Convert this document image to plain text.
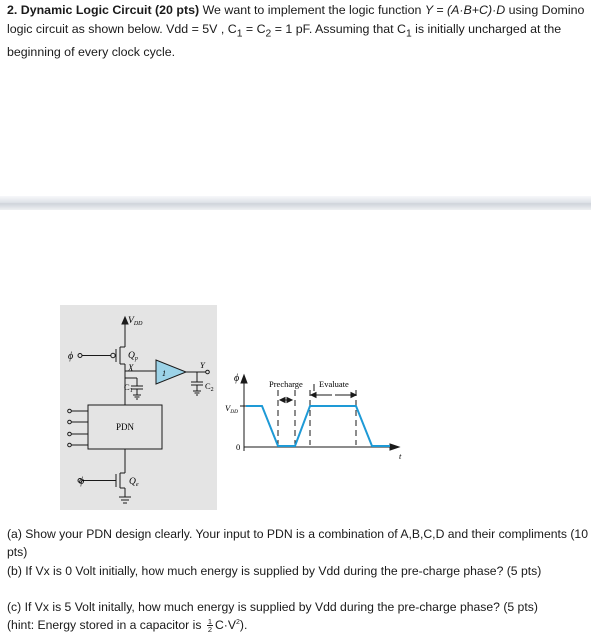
2. Dynamic Logic Circuit (20 pts) We want to implement the logic function Y = (A·B+C)·D using Domino logic circuit as shown below. Vdd = 5V , $C_1 = C_2 = 1$ pF. Assuming that $C_1$ is initially uncharged at the beginning of every clock cycle.
$V_{DD}$
$Q_p$
ϕ
X
$C_1$
1
Y
$C_2$
PDN
ϕ	$Q_e$
ϕ	Precharge Evaluate
$V_{DD}$
0
t
(a) Show your PDN design clearly. Your input to PDN is a combination of A,B,C,D and their compliments (10 pts)
(b) If Vx is 0 Volt initially, how much energy is supplied by Vdd during the pre-charge phase? (5 pts)
(c) If Vx is 5 Volt initally, how much energy is supplied by Vdd during the pre-charge phase? (5 pts)
(hint: Energy stored in a capacitor is $\frac{1}{2} C\cdot V^2$).
